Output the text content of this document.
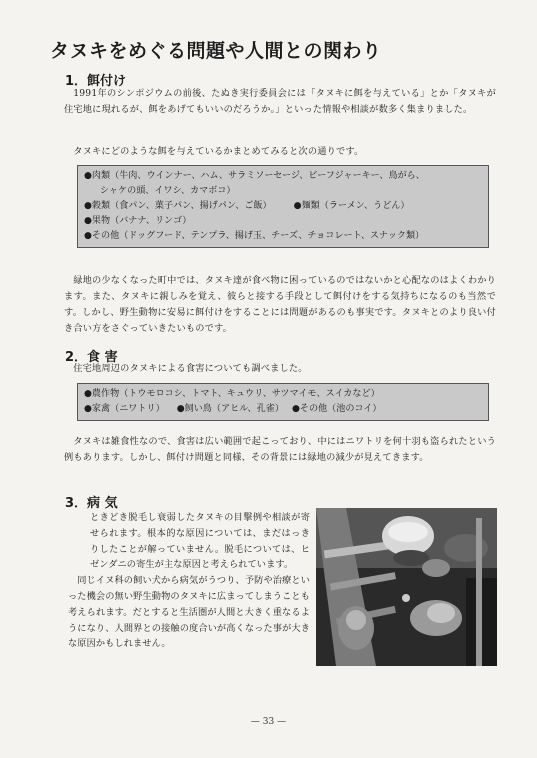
タヌキをめぐる問題や人間との関わり
1．餌付け
1991年のシンポジウムの前後、たぬき実行委員会には「タヌキに餌を与えている」とか「タヌキが住宅地に現れるが、餌をあげてもいいのだろうか。」といった情報や相談が数多く集まりました。
タヌキにどのような餌を与えているかまとめてみると次の通りです。
●肉類（牛肉、ウインナー、ハム、サラミソーセージ、ビーフジャーキー、鳥がら、
シャケの頭、イワシ、カマボコ）
●穀類（食パン、菓子パン、揚げパン、ご飯） ●麺類（ラーメン、うどん）
●果物（バナナ、リンゴ）
●その他（ドッグフード、テンプラ、揚げ玉、チーズ、チョコレート、スナック類）
緑地の少なくなった町中では、タヌキ達が食べ物に困っているのではないかと心配なのはよくわかります。また、タヌキに親しみを覚え、彼らと接する手段として餌付けをする気持ちになるのも当然です。しかし、野生動物に安易に餌付けをすることには問題があるのも事実です。タヌキとのより良い付き合い方をさぐっていきたいものです。
2．食 害
住宅地周辺のタヌキによる食害についても調べました。
●農作物（トウモロコシ、トマト、キュウリ、サツマイモ、スイカなど）
●家禽（ニワトリ） ●飼い鳥（アヒル、孔雀） ●その他（池のコイ）
タヌキは雑食性なので、食害は広い範囲で起こっており、中にはニワトリを何十羽も盗られたという例もあります。しかし、餌付け問題と同様、その背景には緑地の減少が見えてきます。
3．病 気

ときどき脱毛し衰弱したタヌキの目撃例や相談が寄せられます。根本的な原因については、まだはっきりしたことが解っていません。脱毛については、ヒゼンダニの寄生が主な原因と考えられています。

同じイヌ科の飼い犬から病気がうつり、予防や治療といった機会の無い野生動物のタヌキに広まってしまうことも考えられます。だとすると生活圏が人間と大きく重なるようになり、人間界との接触の度合いが高くなった事が大きな原因かもしれません。

— 33 —
